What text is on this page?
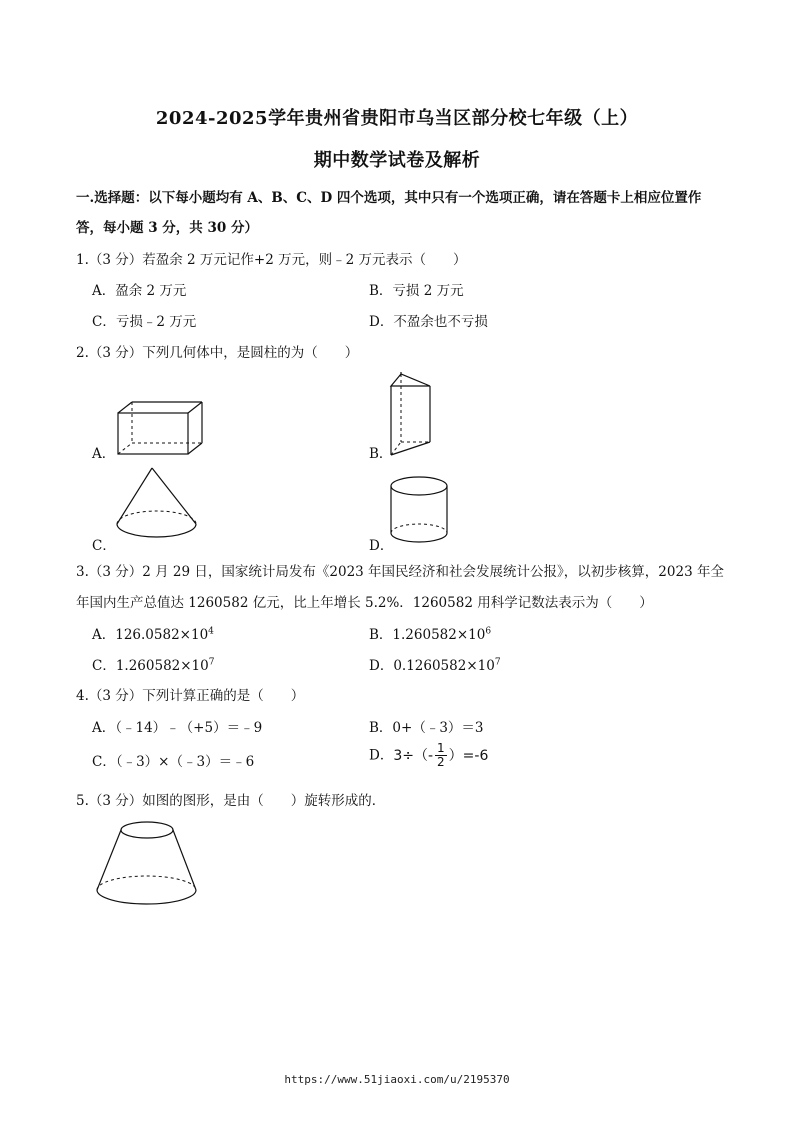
2024-2025学年贵州省贵阳市乌当区部分校七年级（上）
期中数学试卷及解析
一.选择题：以下每小题均有 A、B、C、D 四个选项，其中只有一个选项正确，请在答题卡上相应位置作
答，每小题 3 分，共 30 分）
1.（3 分）若盈余 2 万元记作+2 万元，则﹣2 万元表示（　　）
A．盈余 2 万元	B．亏损 2 万元
C．亏损﹣2 万元	D．不盈余也不亏损
2.（3 分）下列几何体中，是圆柱的为（　　）
A．	B．
C．	D．
3.（3 分）2 月 29 日，国家统计局发布《2023 年国民经济和社会发展统计公报》，以初步核算，2023 年全
年国内生产总值达 1260582 亿元，比上年增长 5.2%．1260582 用科学记数法表示为（　　）
A．$126.0582\times 10^4$	B．$1.260582\times 10^6$
C．$1.260582\times 10^7$	D．$0.1260582\times 10^7$
4.（3 分）下列计算正确的是（　　）
A．（﹣14）﹣（+5）＝﹣9	B．0+（﹣3）＝3
C．（﹣3）×（﹣3）＝﹣6	D．$3\div(- \frac{1}{2} )=-6$
5.（3 分）如图的图形，是由（　　）旋转形成的．
https://www.51jiaoxi.com/u/2195370
